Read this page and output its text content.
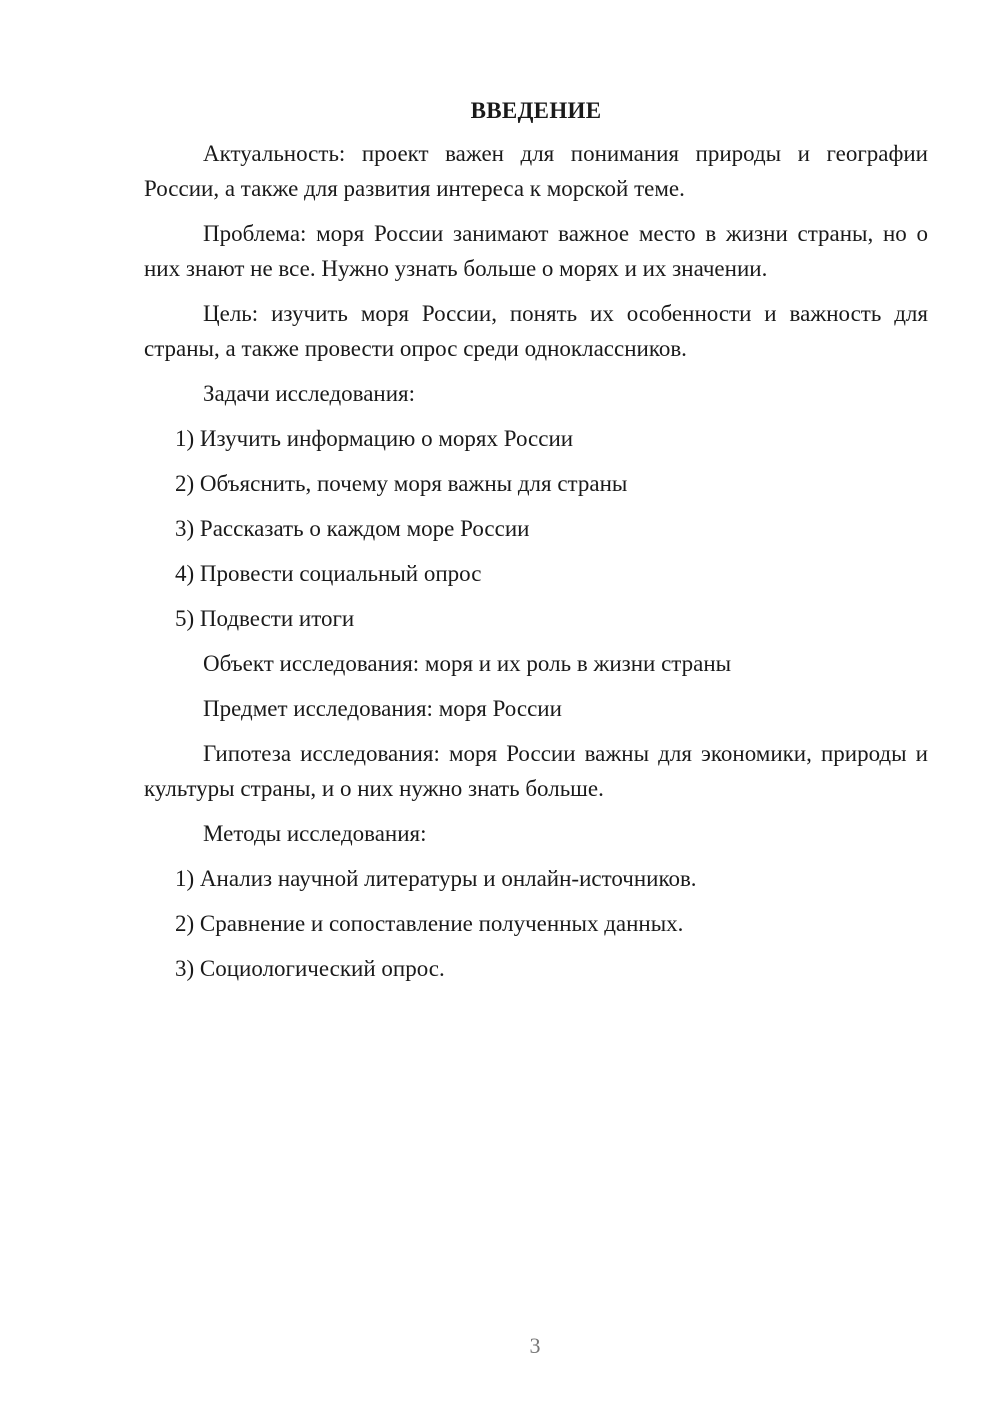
ВВЕДЕНИЕ

Актуальность: проект важен для понимания природы и географии России, а также для развития интереса к морской теме.

Проблема: моря России занимают важное место в жизни страны, но о них знают не все. Нужно узнать больше о морях и их значении.

Цель: изучить моря России, понять их особенности и важность для страны, а также провести опрос среди одноклассников.

Задачи исследования:

1) Изучить информацию о морях России

2) Объяснить, почему моря важны для страны

3) Рассказать о каждом море России

4) Провести социальный опрос

5) Подвести итоги

Объект исследования: моря и их роль в жизни страны

Предмет исследования: моря России

Гипотеза исследования: моря России важны для экономики, природы и культуры страны, и о них нужно знать больше.

Методы исследования:

1) Анализ научной литературы и онлайн-источников.

2) Сравнение и сопоставление полученных данных.

3) Социологический опрос.

3
